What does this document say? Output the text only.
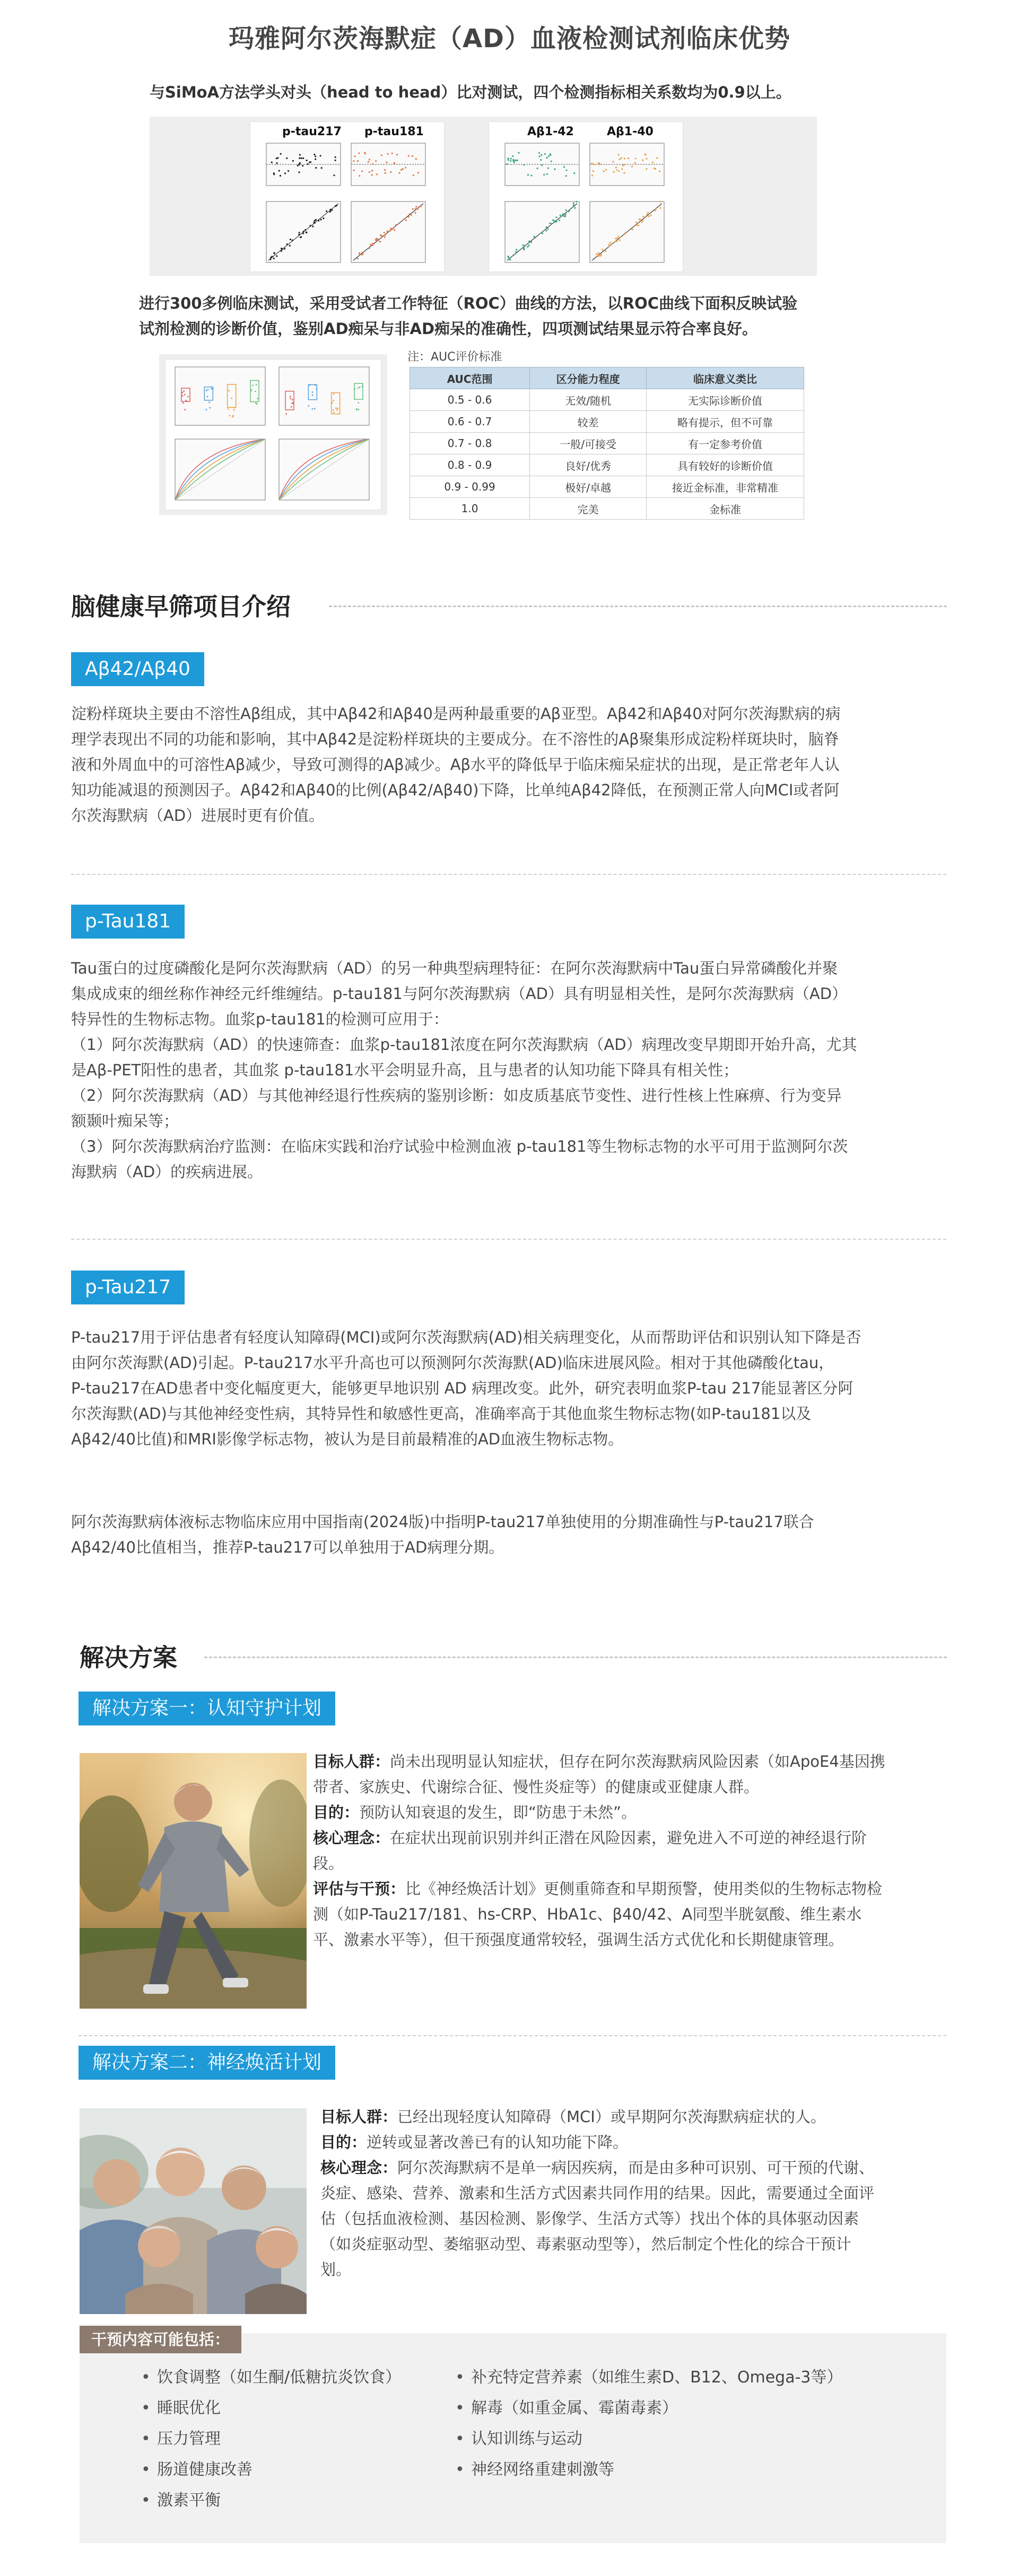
玛雅阿尔茨海默症（AD）血液检测试剂临床优势
与SiMoA方法学头对头（head to head）比对测试，四个检测指标相关系数均为0.9以上。
p-tau217 p-tau181	Aβ1-42	Aβ1-40
进行300多例临床测试，采用受试者工作特征（ROC）曲线的方法，以ROC曲线下面积反映试验
试剂检测的诊断价值，鉴别AD痴呆与非AD痴呆的准确性，四项测试结果显示符合率良好。
注：AUC评价标准
AUC范围	区分能力程度	临床意义类比
0.5 - 0.6	无效/随机	无实际诊断价值
0.6 - 0.7	较差	略有提示，但不可靠
0.7 - 0.8	一般/可接受	有一定参考价值
0.8 - 0.9	良好/优秀	具有较好的诊断价值
0.9 - 0.99	极好/卓越	接近金标准，非常精准
1.0	完美	金标准
脑健康早筛项目介绍
Aβ42/Aβ40
淀粉样斑块主要由不溶性Aβ组成，其中Aβ42和Aβ40是两种最重要的Aβ亚型。Aβ42和Aβ40对阿尔茨海默病的病
理学表现出不同的功能和影响，其中Aβ42是淀粉样斑块的主要成分。在不溶性的Aβ聚集形成淀粉样斑块时，脑脊
液和外周血中的可溶性Aβ减少，导致可测得的Aβ减少。Aβ水平的降低早于临床痴呆症状的出现，是正常老年人认
知功能减退的预测因子。Aβ42和Aβ40的比例(Aβ42/Aβ40)下降，比单纯Aβ42降低，在预测正常人向MCI或者阿
尔茨海默病（AD）进展时更有价值。
p-Tau181
Tau蛋白的过度磷酸化是阿尔茨海默病（AD）的另一种典型病理特征：在阿尔茨海默病中Tau蛋白异常磷酸化并聚
集成成束的细丝称作神经元纤维缠结。p-tau181与阿尔茨海默病（AD）具有明显相关性，是阿尔茨海默病（AD）
特异性的生物标志物。血浆p-tau181的检测可应用于：
（1）阿尔茨海默病（AD）的快速筛查：血浆p-tau181浓度在阿尔茨海默病（AD）病理改变早期即开始升高，尤其
是Aβ-PET阳性的患者，其血浆 p-tau181水平会明显升高，且与患者的认知功能下降具有相关性；
（2）阿尔茨海默病（AD）与其他神经退行性疾病的鉴别诊断：如皮质基底节变性、进行性核上性麻痹、行为变异
额颞叶痴呆等；
（3）阿尔茨海默病治疗监测：在临床实践和治疗试验中检测血液 p-tau181等生物标志物的水平可用于监测阿尔茨
海默病（AD）的疾病进展。
p-Tau217
P-tau217用于评估患者有轻度认知障碍(MCI)或阿尔茨海默病(AD)相关病理变化，从而帮助评估和识别认知下降是否
由阿尔茨海默(AD)引起。P-tau217水平升高也可以预测阿尔茨海默(AD)临床进展风险。相对于其他磷酸化tau，
P-tau217在AD患者中变化幅度更大，能够更早地识别 AD 病理改变。此外，研究表明血浆P-tau 217能显著区分阿
尔茨海默(AD)与其他神经变性病，其特异性和敏感性更高，准确率高于其他血浆生物标志物(如P-tau181以及
Aβ42/40比值)和MRI影像学标志物，被认为是目前最精准的AD血液生物标志物。
阿尔茨海默病体液标志物临床应用中国指南(2024版)中指明P-tau217单独使用的分期准确性与P-tau217联合
Aβ42/40比值相当，推荐P-tau217可以单独用于AD病理分期。
解决方案
解决方案一：认知守护计划
目标人群：尚未出现明显认知症状，但存在阿尔茨海默病风险因素（如ApoE4基因携
带者、家族史、代谢综合征、慢性炎症等）的健康或亚健康人群。
目的：预防认知衰退的发生，即“防患于未然”。
核心理念：在症状出现前识别并纠正潜在风险因素，避免进入不可逆的神经退行阶
段。
评估与干预：比《神经焕活计划》更侧重筛查和早期预警，使用类似的生物标志物检
测（如P-Tau217/181、hs-CRP、HbA1c、β40/42、A同型半胱氨酸、维生素水
平、激素水平等），但干预强度通常较轻，强调生活方式优化和长期健康管理。
解决方案二：神经焕活计划
目标人群：已经出现轻度认知障碍（MCI）或早期阿尔茨海默病症状的人。
目的：逆转或显著改善已有的认知功能下降。
核心理念：阿尔茨海默病不是单一病因疾病，而是由多种可识别、可干预的代谢、
炎症、感染、营养、激素和生活方式因素共同作用的结果。因此，需要通过全面评
估（包括血液检测、基因检测、影像学、生活方式等）找出个体的具体驱动因素
（如炎症驱动型、萎缩驱动型、毒素驱动型等），然后制定个性化的综合干预计
划。
干预内容可能包括：
• 饮食调整（如生酮/低糖抗炎饮食）
• 睡眠优化
• 压力管理
• 肠道健康改善
• 激素平衡
• 补充特定营养素（如维生素D、B12、Omega-3等）
• 解毒（如重金属、霉菌毒素）
• 认知训练与运动
• 神经网络重建刺激等
